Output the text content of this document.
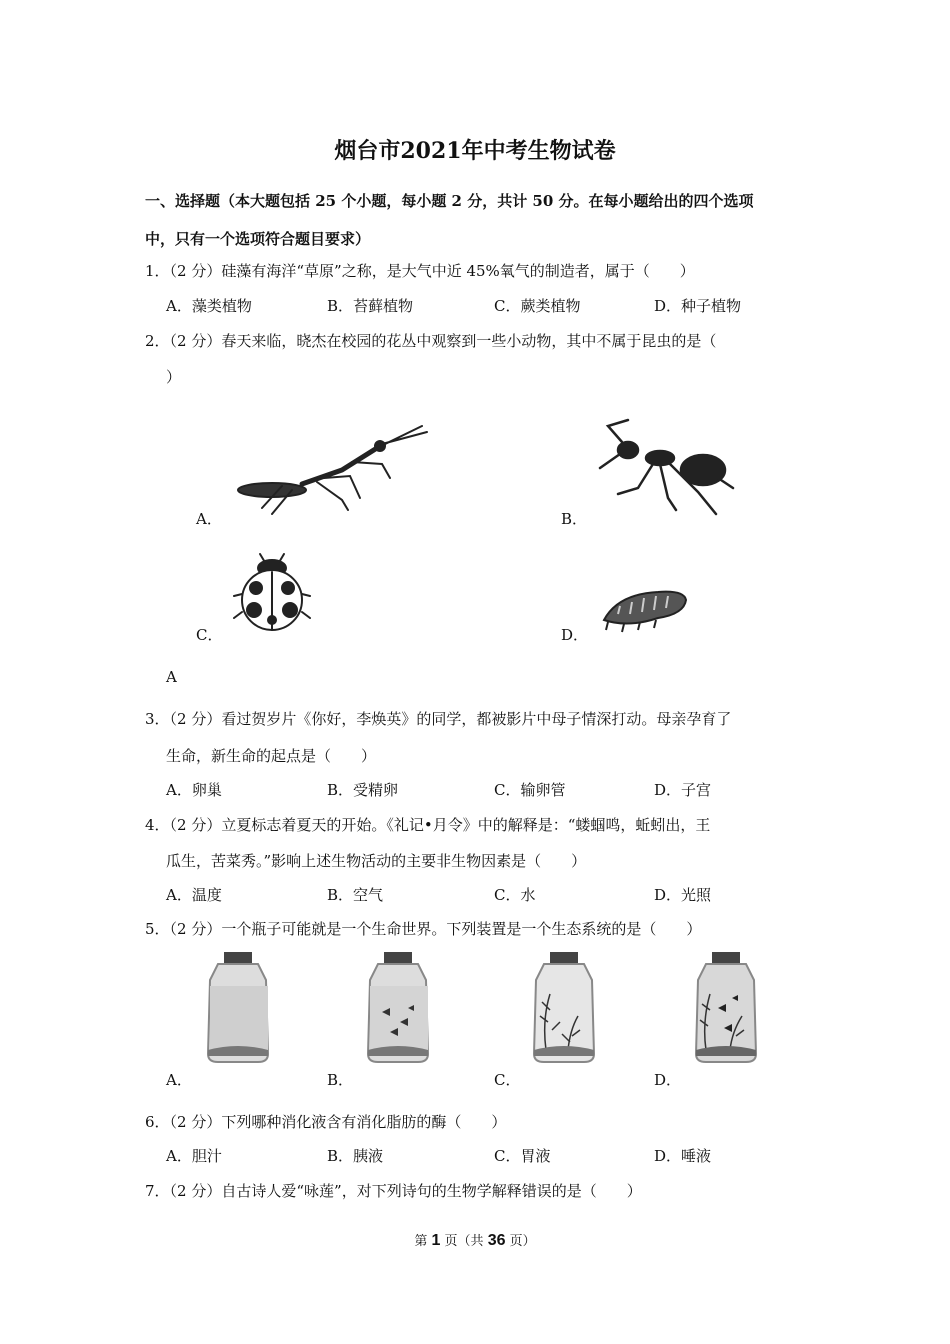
烟台市2021年中考生物试卷
一、选择题（本大题包括 25 个小题，每小题 2 分，共计 50 分。在每小题给出的四个选项
中，只有一个选项符合题目要求）
1．（2 分）硅藻有海洋“草原”之称，是大气中近 45%氧气的制造者，属于（　　）
A．藻类植物	B．苔藓植物	C．蕨类植物	D．种子植物
2．（2 分）春天来临，晓杰在校园的花丛中观察到一些小动物，其中不属于昆虫的是（
）
A．	B．
C．	D．
A
3．（2 分）看过贺岁片《你好，李焕英》的同学，都被影片中母子情深打动。母亲孕育了
生命，新生命的起点是（　　）
A．卵巢	B．受精卵	C．输卵管	D．子宫
4．（2 分）立夏标志着夏天的开始。《礼记•月令》中的解释是：“蝼蝈鸣，蚯蚓出，王
瓜生，苦菜秀。”影响上述生物活动的主要非生物因素是（　　）
A．温度	B．空气	C．水	D．光照
5．（2 分）一个瓶子可能就是一个生命世界。下列装置是一个生态系统的是（　　）
A．	B．	C．	D．
6．（2 分）下列哪种消化液含有消化脂肪的酶（　　）
A．胆汁	B．胰液	C．胃液	D．唾液
7．（2 分）自古诗人爱“咏莲”，对下列诗句的生物学解释错误的是（　　）
第 1 页（共 36 页）
